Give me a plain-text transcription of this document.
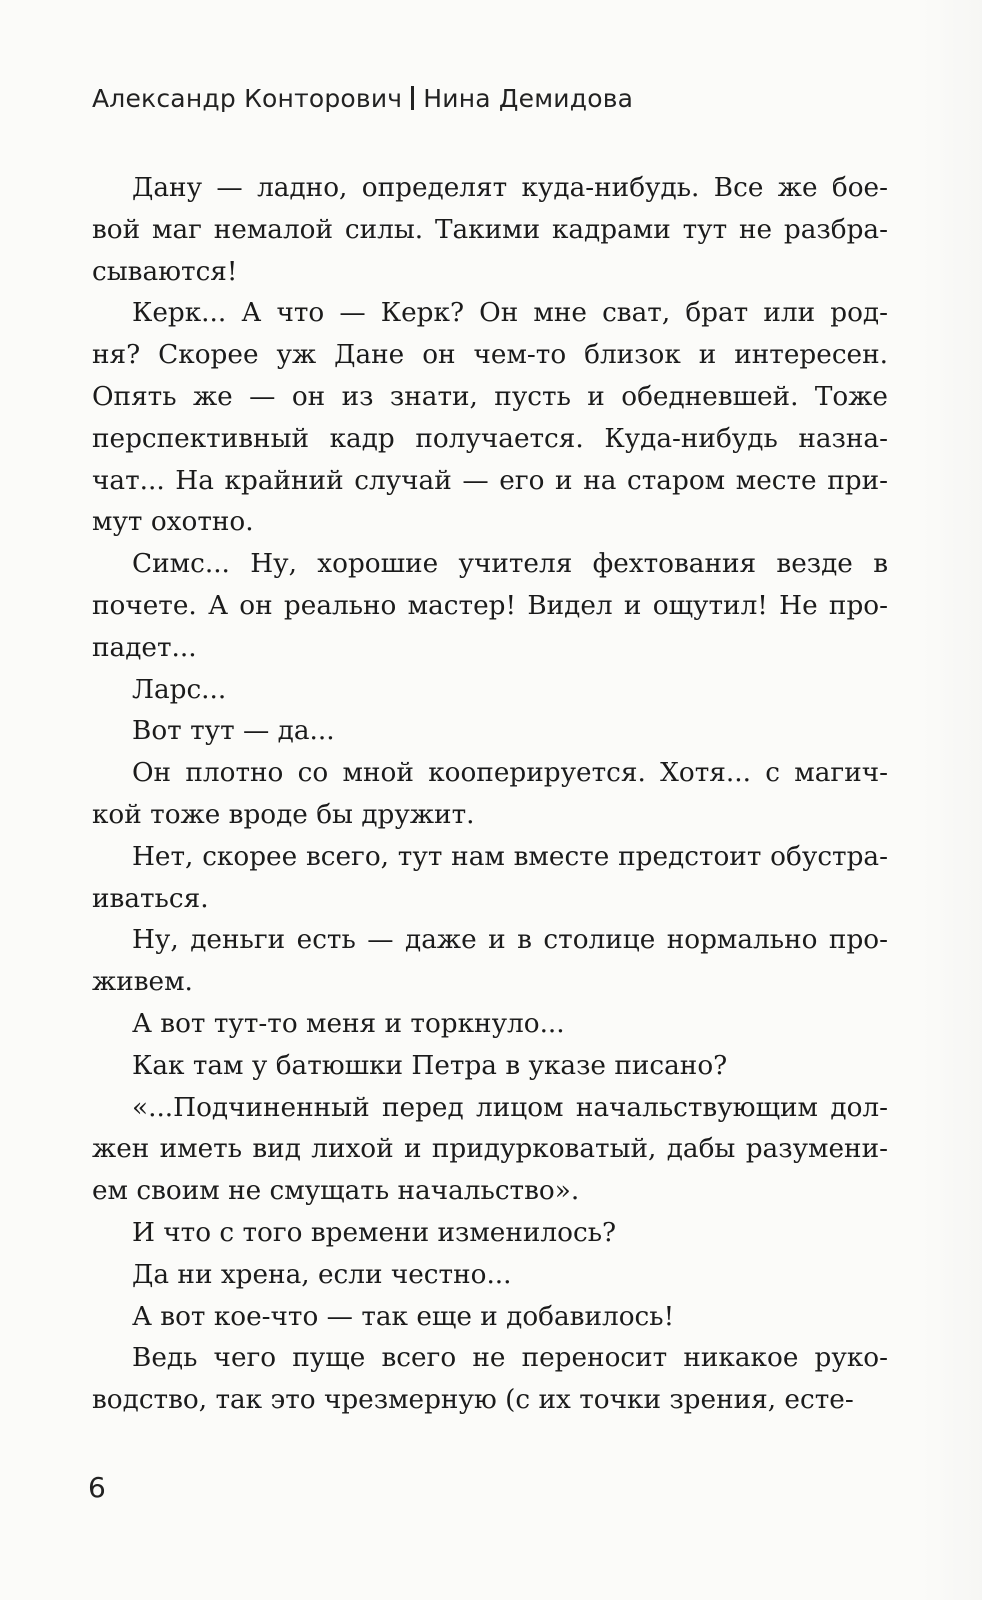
Александр Конторович Нина Демидова

Дану — ладно, определят куда-нибудь. Все же бое-
вой маг немалой силы. Такими кадрами тут не разбра-
сываются!

Керк... А что — Керк? Он мне сват, брат или род-
ня? Скорее уж Дане он чем-то близок и интересен.
Опять же — он из знати, пусть и обедневшей. Тоже
перспективный кадр получается. Куда-нибудь назна-
чат... На крайний случай — его и на старом месте при-
мут охотно.

Симс... Ну, хорошие учителя фехтования везде в
почете. А он реально мастер! Видел и ощутил! Не про-
падет...

Ларс...

Вот тут — да...

Он плотно со мной кооперируется. Хотя... с магич-
кой тоже вроде бы дружит.

Нет, скорее всего, тут нам вместе предстоит обустра-
иваться.

Ну, деньги есть — даже и в столице нормально про-
живем.

А вот тут-то меня и торкнуло...

Как там у батюшки Петра в указе писано?

«...Подчиненный перед лицом начальствующим дол-
жен иметь вид лихой и придурковатый, дабы разумени-
ем своим не смущать начальство».

И что с того времени изменилось?

Да ни хрена, если честно...

А вот кое-что — так еще и добавилось!

Ведь чего пуще всего не переносит никакое руко-
водство, так это чрезмерную (с их точки зрения, есте-

6
